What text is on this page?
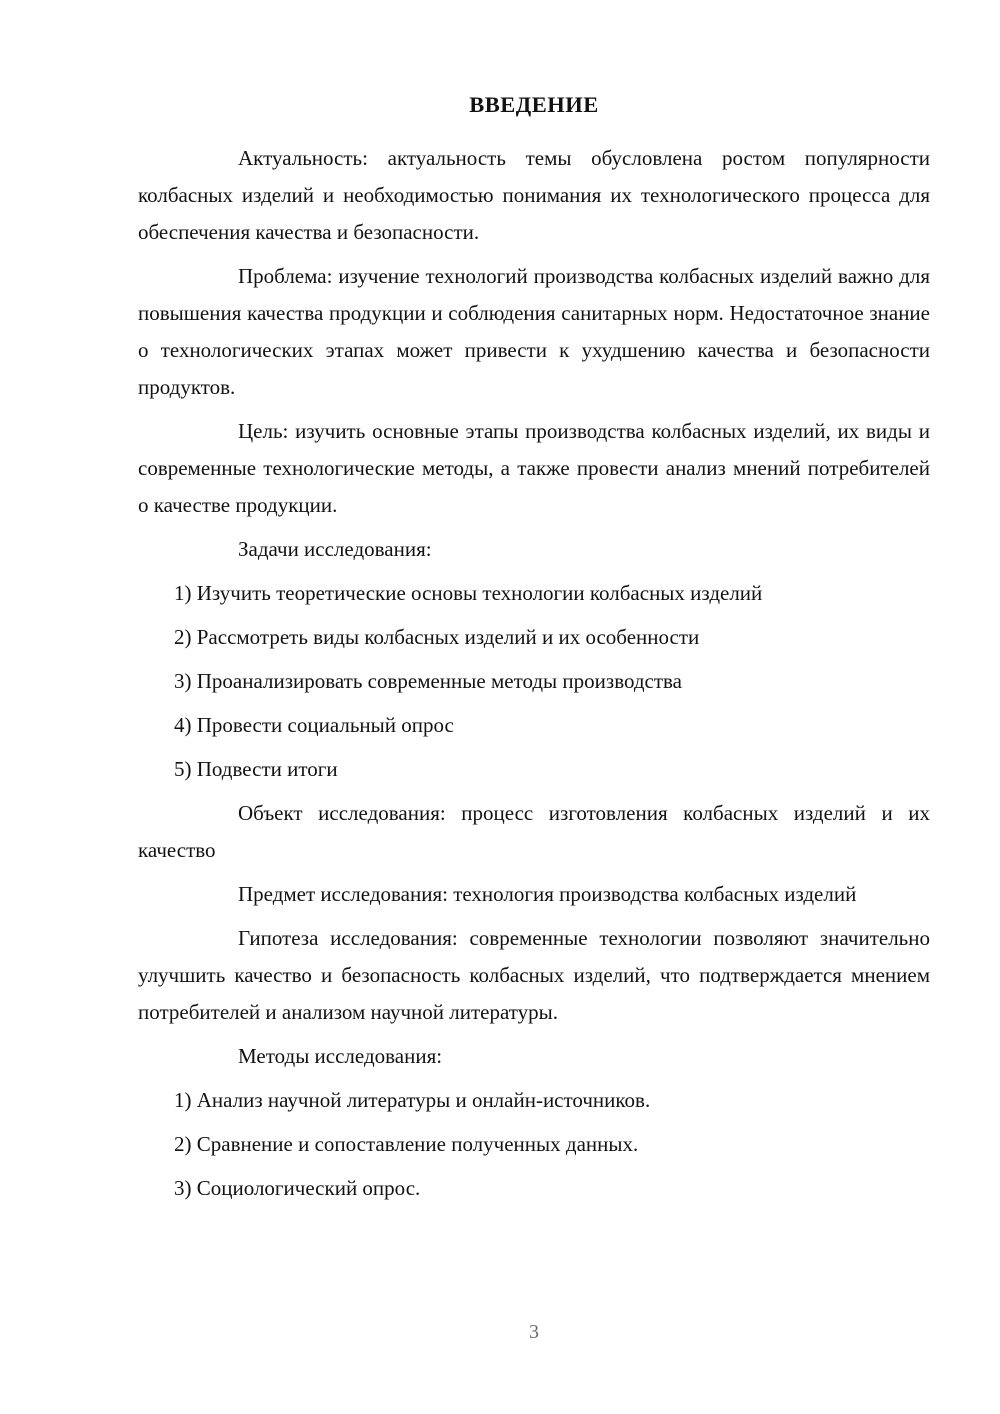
ВВЕДЕНИЕ

Актуальность: актуальность темы обусловлена ростом популярности колбасных изделий и необходимостью понимания их технологического процесса для обеспечения качества и безопасности.

Проблема: изучение технологий производства колбасных изделий важно для повышения качества продукции и соблюдения санитарных норм. Недостаточное знание о технологических этапах может привести к ухудшению качества и безопасности продуктов.

Цель: изучить основные этапы производства колбасных изделий, их виды и современные технологические методы, а также провести анализ мнений потребителей о качестве продукции.

Задачи исследования:

1) Изучить теоретические основы технологии колбасных изделий

2) Рассмотреть виды колбасных изделий и их особенности

3) Проанализировать современные методы производства

4) Провести социальный опрос

5) Подвести итоги

Объект исследования: процесс изготовления колбасных изделий и их качество

Предмет исследования: технология производства колбасных изделий

Гипотеза исследования: современные технологии позволяют значительно улучшить качество и безопасность колбасных изделий, что подтверждается мнением потребителей и анализом научной литературы.

Методы исследования:

1) Анализ научной литературы и онлайн-источников.

2) Сравнение и сопоставление полученных данных.

3) Социологический опрос.

3
